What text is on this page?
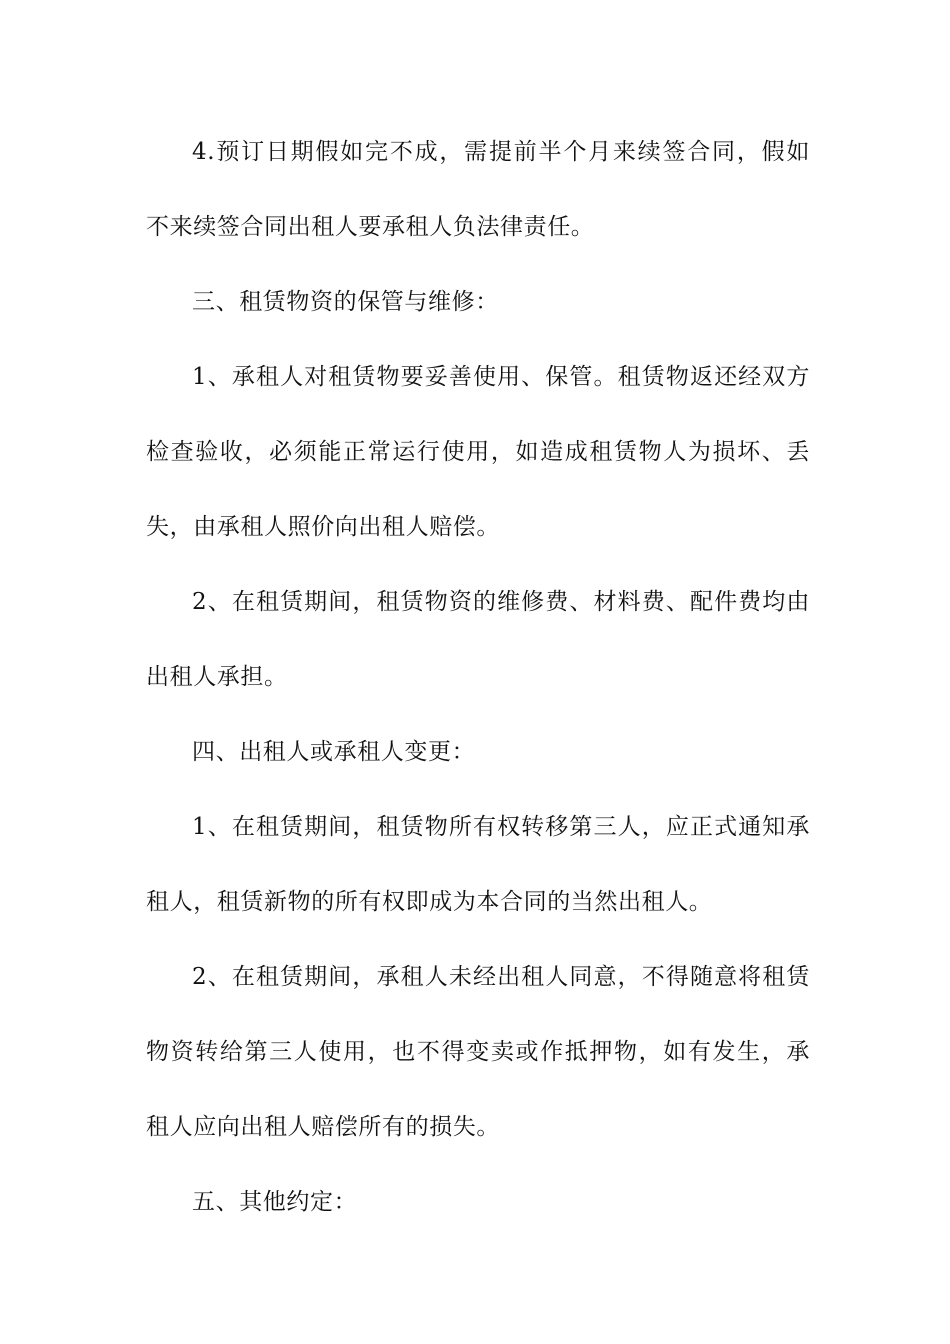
4.预订日期假如完不成，需提前半个月来续签合同，假如
不来续签合同出租人要承租人负法律责任。
三、租赁物资的保管与维修：
1、承租人对租赁物要妥善使用、保管。租赁物返还经双方
检查验收，必须能正常运行使用，如造成租赁物人为损坏、丢
失，由承租人照价向出租人赔偿。
2、在租赁期间，租赁物资的维修费、材料费、配件费均由
出租人承担。
四、出租人或承租人变更：
1、在租赁期间，租赁物所有权转移第三人，应正式通知承
租人，租赁新物的所有权即成为本合同的当然出租人。
2、在租赁期间，承租人未经出租人同意，不得随意将租赁
物资转给第三人使用，也不得变卖或作抵押物，如有发生，承
租人应向出租人赔偿所有的损失。
五、其他约定：
